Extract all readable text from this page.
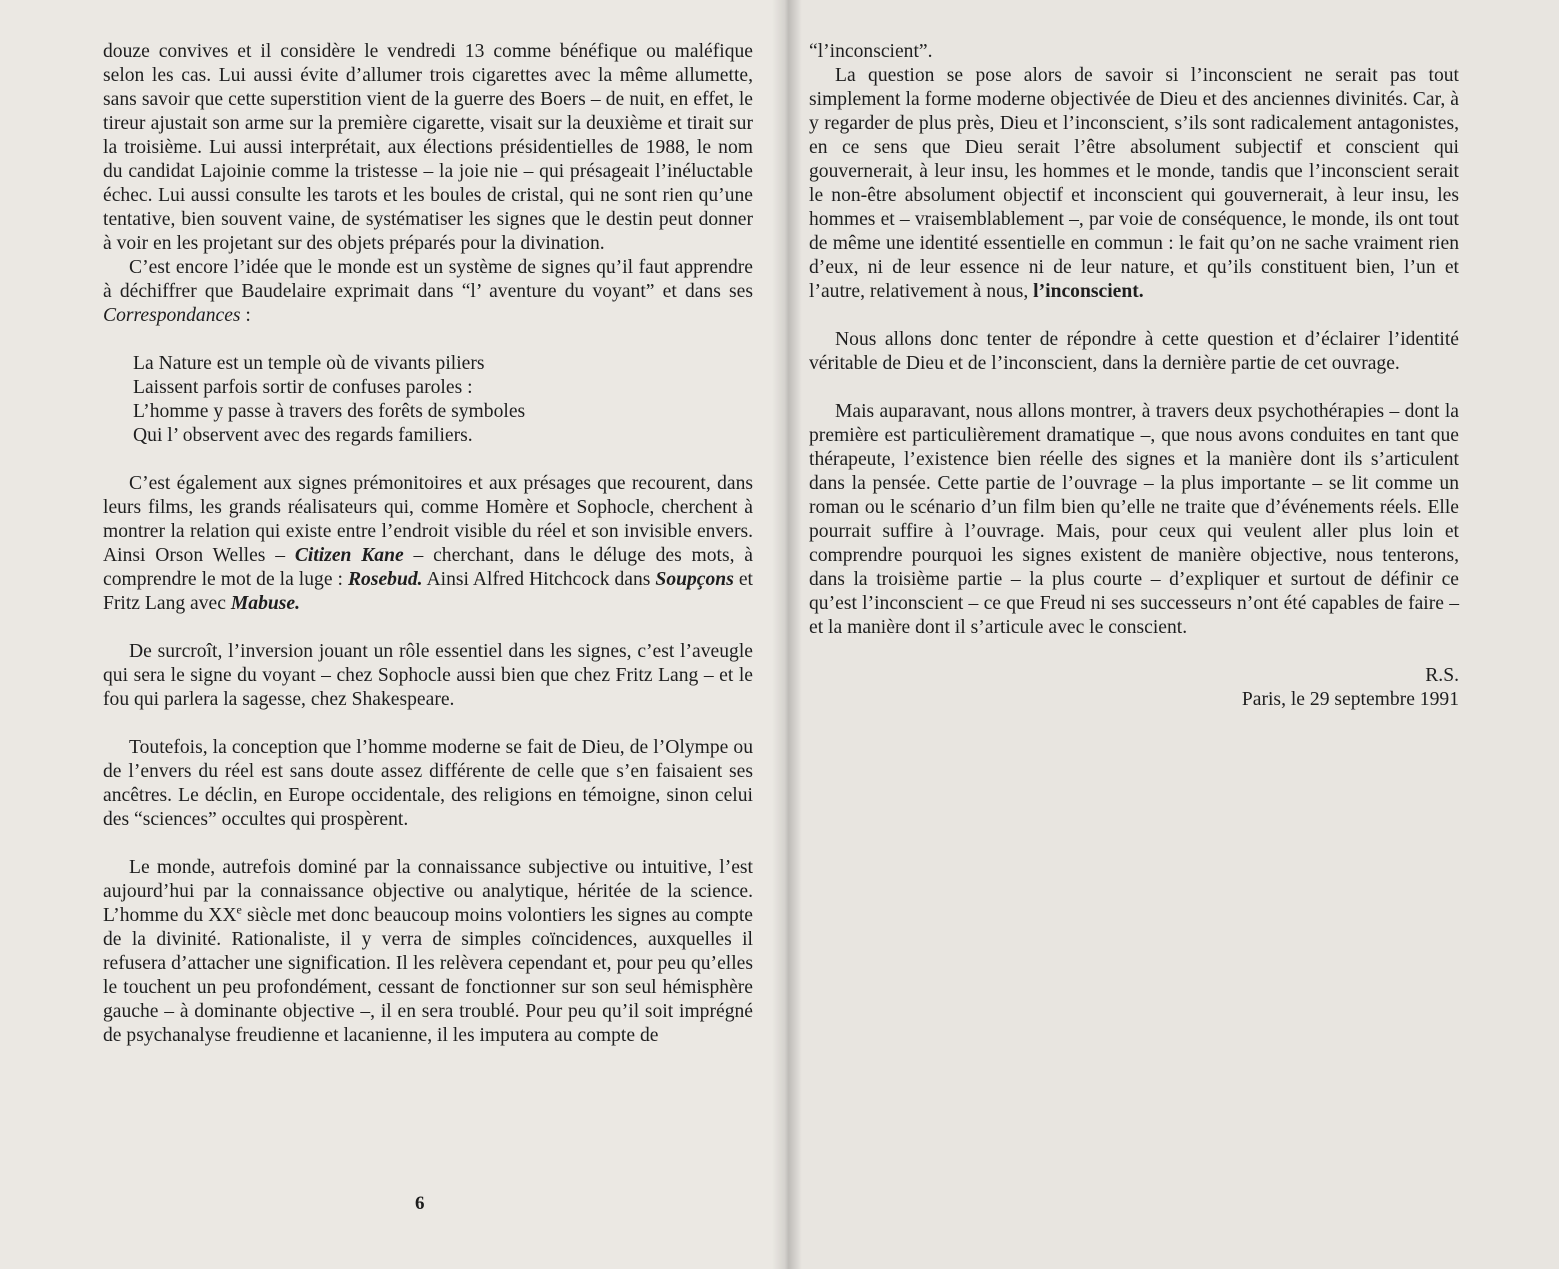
douze convives et il considère le vendredi 13 comme bénéfique ou maléfique selon les cas. Lui aussi évite d’allumer trois cigarettes avec la même allumette, sans savoir que cette superstition vient de la guerre des Boers – de nuit, en effet, le tireur ajustait son arme sur la première cigarette, visait sur la deuxième et tirait sur la troisième. Lui aussi interprétait, aux élections présidentielles de 1988, le nom du candidat Lajoinie comme la tristesse – la joie nie – qui présageait l’inéluctable échec. Lui aussi consulte les tarots et les boules de cristal, qui ne sont rien qu’une tentative, bien souvent vaine, de systématiser les signes que le destin peut donner à voir en les projetant sur des objets préparés pour la divination.

C’est encore l’idée que le monde est un système de signes qu’il faut apprendre à déchiffrer que Baudelaire exprimait dans “l’ aventure du voyant” et dans ses Correspondances :

La Nature est un temple où de vivants piliers
Laissent parfois sortir de confuses paroles :
L’homme y passe à travers des forêts de symboles
Qui l’ observent avec des regards familiers.

C’est également aux signes prémonitoires et aux présages que recourent, dans leurs films, les grands réalisateurs qui, comme Homère et Sophocle, cherchent à montrer la relation qui existe entre l’endroit visible du réel et son invisible envers. Ainsi Orson Welles – Citizen Kane – cherchant, dans le déluge des mots, à comprendre le mot de la luge : Rosebud. Ainsi Alfred Hitchcock dans Soupçons et Fritz Lang avec Mabuse.

De surcroît, l’inversion jouant un rôle essentiel dans les signes, c’est l’aveugle qui sera le signe du voyant – chez Sophocle aussi bien que chez Fritz Lang – et le fou qui parlera la sagesse, chez Shakespeare.

Toutefois, la conception que l’homme moderne se fait de Dieu, de l’Olympe ou de l’envers du réel est sans doute assez différente de celle que s’en faisaient ses ancêtres. Le déclin, en Europe occidentale, des religions en témoigne, sinon celui des “sciences” occultes qui prospèrent.

Le monde, autrefois dominé par la connaissance subjective ou intuitive, l’est aujourd’hui par la connaissance objective ou analytique, héritée de la science. L’homme du XXe siècle met donc beaucoup moins volontiers les signes au compte de la divinité. Rationaliste, il y verra de simples coïncidences, auxquelles il refusera d’attacher une signification. Il les relèvera cependant et, pour peu qu’elles le touchent un peu profondément, cessant de fonctionner sur son seul hémisphère gauche – à dominante objective –, il en sera troublé. Pour peu qu’il soit imprégné de psychanalyse freudienne et lacanienne, il les imputera au compte de

6

“l’inconscient”.

La question se pose alors de savoir si l’inconscient ne serait pas tout simplement la forme moderne objectivée de Dieu et des anciennes divinités. Car, à y regarder de plus près, Dieu et l’inconscient, s’ils sont radicalement antagonistes, en ce sens que Dieu serait l’être absolument subjectif et conscient qui gouvernerait, à leur insu, les hommes et le monde, tandis que l’inconscient serait le non-être absolument objectif et inconscient qui gouvernerait, à leur insu, les hommes et – vraisemblablement –, par voie de conséquence, le monde, ils ont tout de même une identité essentielle en commun : le fait qu’on ne sache vraiment rien d’eux, ni de leur essence ni de leur nature, et qu’ils constituent bien, l’un et l’autre, relativement à nous, l’inconscient.

Nous allons donc tenter de répondre à cette question et d’éclairer l’identité véritable de Dieu et de l’inconscient, dans la dernière partie de cet ouvrage.

Mais auparavant, nous allons montrer, à travers deux psychothérapies – dont la première est particulièrement dramatique –, que nous avons conduites en tant que thérapeute, l’existence bien réelle des signes et la manière dont ils s’articulent dans la pensée. Cette partie de l’ouvrage – la plus importante – se lit comme un roman ou le scénario d’un film bien qu’elle ne traite que d’événements réels. Elle pourrait suffire à l’ouvrage. Mais, pour ceux qui veulent aller plus loin et comprendre pourquoi les signes existent de manière objective, nous tenterons, dans la troisième partie – la plus courte – d’expliquer et surtout de définir ce qu’est l’inconscient – ce que Freud ni ses successeurs n’ont été capables de faire – et la manière dont il s’articule avec le conscient.

R.S.

Paris, le 29 septembre 1991
